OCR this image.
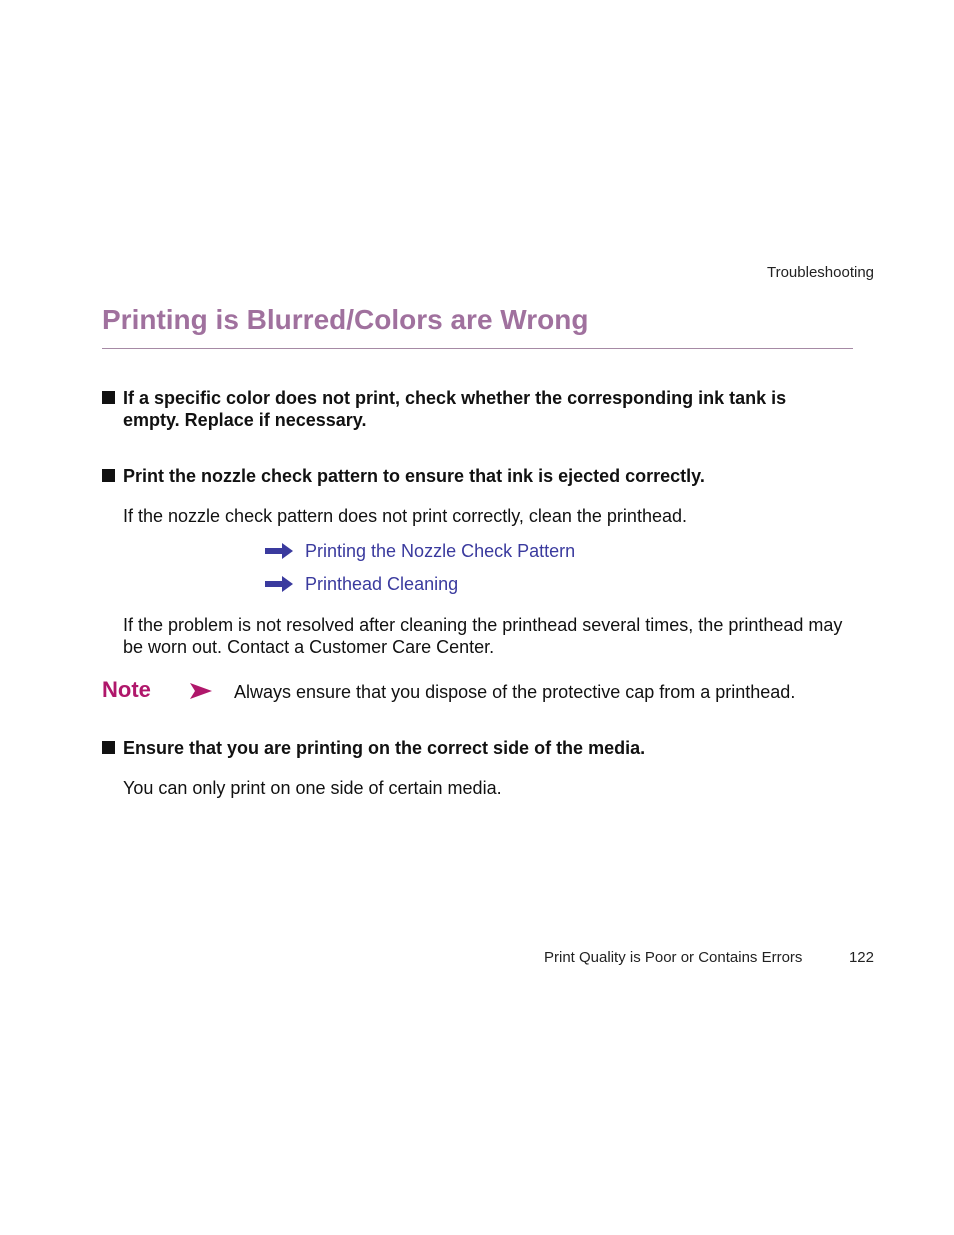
Troubleshooting
Printing is Blurred/Colors are Wrong
If a specific color does not print, check whether the corresponding ink tank is empty. Replace if necessary.
Print the nozzle check pattern to ensure that ink is ejected correctly.
If the nozzle check pattern does not print correctly, clean the printhead.
Printing the Nozzle Check Pattern
Printhead Cleaning
If the problem is not resolved after cleaning the printhead several times, the printhead may be worn out. Contact a Customer Care Center.
Note	Always ensure that you dispose of the protective cap from a printhead.
Ensure that you are printing on the correct side of the media.
You can only print on one side of certain media.
Print Quality is Poor or Contains Errors	122
